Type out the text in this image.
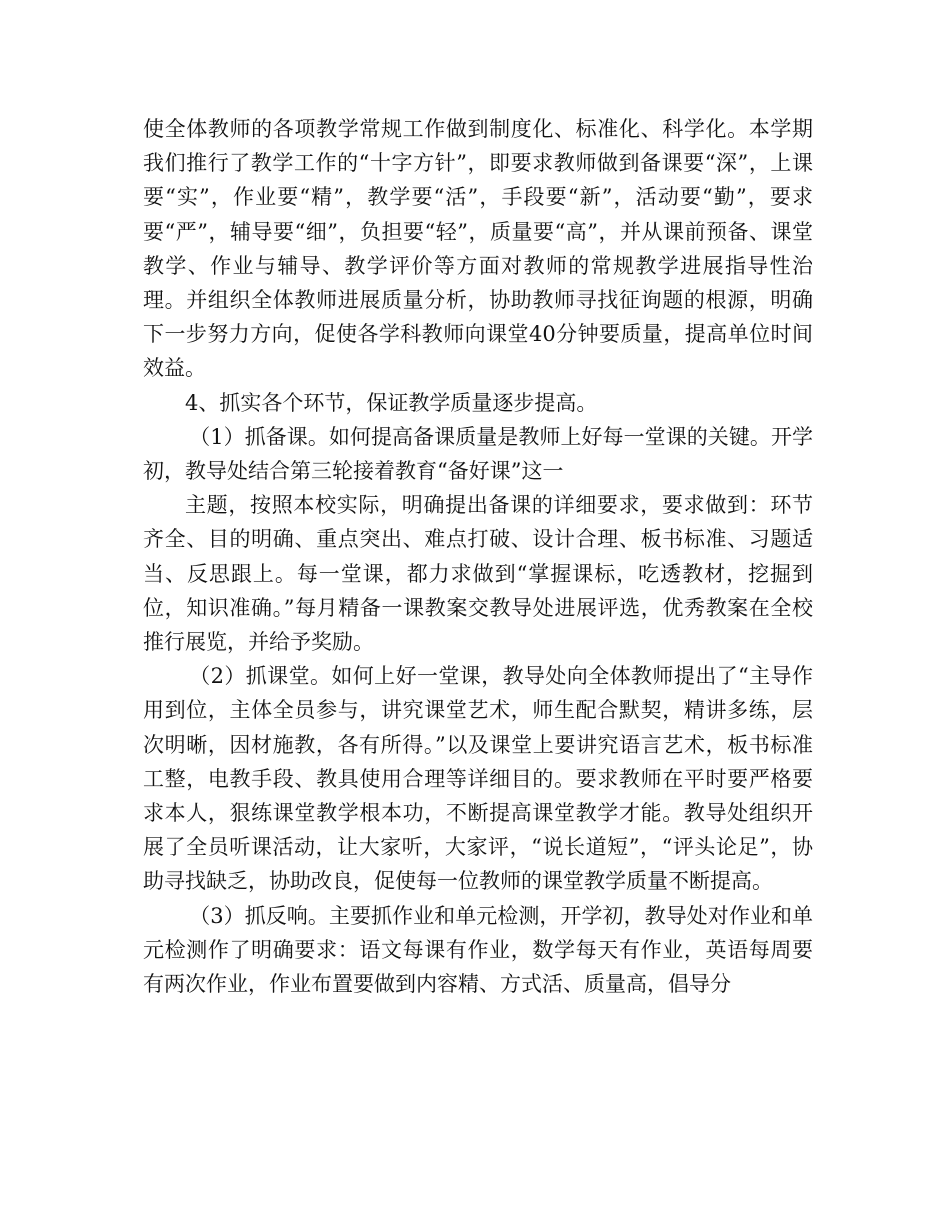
使全体教师的各项教学常规工作做到制度化、标准化、科学化。本学期我们推行了教学工作的“十字方针”，即要求教师做到备课要“深”，上课要“实”，作业要“精”，教学要“活”，手段要“新”，活动要“勤”，要求要“严”，辅导要“细”，负担要“轻”，质量要“高”，并从课前预备、课堂教学、作业与辅导、教学评价等方面对教师的常规教学进展指导性治理。并组织全体教师进展质量分析，协助教师寻找征询题的根源，明确下一步努力方向，促使各学科教师向课堂40分钟要质量，提高单位时间效益。

4、抓实各个环节，保证教学质量逐步提高。

（1）抓备课。如何提高备课质量是教师上好每一堂课的关键。开学初，教导处结合第三轮接着教育“备好课”这一

主题，按照本校实际，明确提出备课的详细要求，要求做到：环节齐全、目的明确、重点突出、难点打破、设计合理、板书标准、习题适当、反思跟上。每一堂课，都力求做到“掌握课标，吃透教材，挖掘到位，知识准确。”每月精备一课教案交教导处进展评选，优秀教案在全校推行展览，并给予奖励。

（2）抓课堂。如何上好一堂课，教导处向全体教师提出了“主导作用到位，主体全员参与，讲究课堂艺术，师生配合默契，精讲多练，层次明晰，因材施教，各有所得。”以及课堂上要讲究语言艺术，板书标准工整，电教手段、教具使用合理等详细目的。要求教师在平时要严格要求本人，狠练课堂教学根本功，不断提高课堂教学才能。教导处组织开展了全员听课活动，让大家听，大家评，“说长道短”，“评头论足”，协助寻找缺乏，协助改良，促使每一位教师的课堂教学质量不断提高。

（3）抓反响。主要抓作业和单元检测，开学初，教导处对作业和单元检测作了明确要求：语文每课有作业，数学每天有作业，英语每周要有两次作业，作业布置要做到内容精、方式活、质量高，倡导分
